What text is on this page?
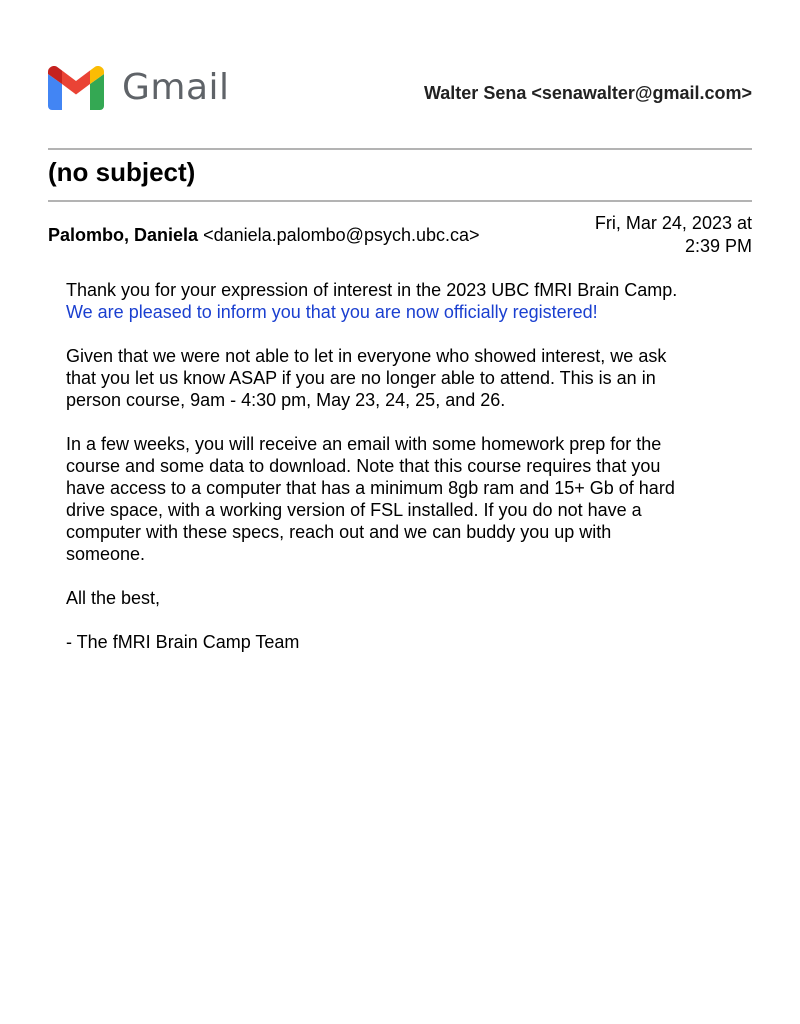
Gmail	Walter Sena <senawalter@gmail.com>
(no subject)
Palombo, Daniela <daniela.palombo@psych.ubc.ca>
Fri, Mar 24, 2023 at
2:39 PM

Thank you for your expression of interest in the 2023 UBC fMRI Brain Camp.
We are pleased to inform you that you are now officially registered!

Given that we were not able to let in everyone who showed interest, we ask
that you let us know ASAP if you are no longer able to attend. This is an in
person course, 9am - 4:30 pm, May 23, 24, 25, and 26.

In a few weeks, you will receive an email with some homework prep for the
course and some data to download. Note that this course requires that you
have access to a computer that has a minimum 8gb ram and 15+ Gb of hard
drive space, with a working version of FSL installed. If you do not have a
computer with these specs, reach out and we can buddy you up with
someone.

All the best,

- The fMRI Brain Camp Team
